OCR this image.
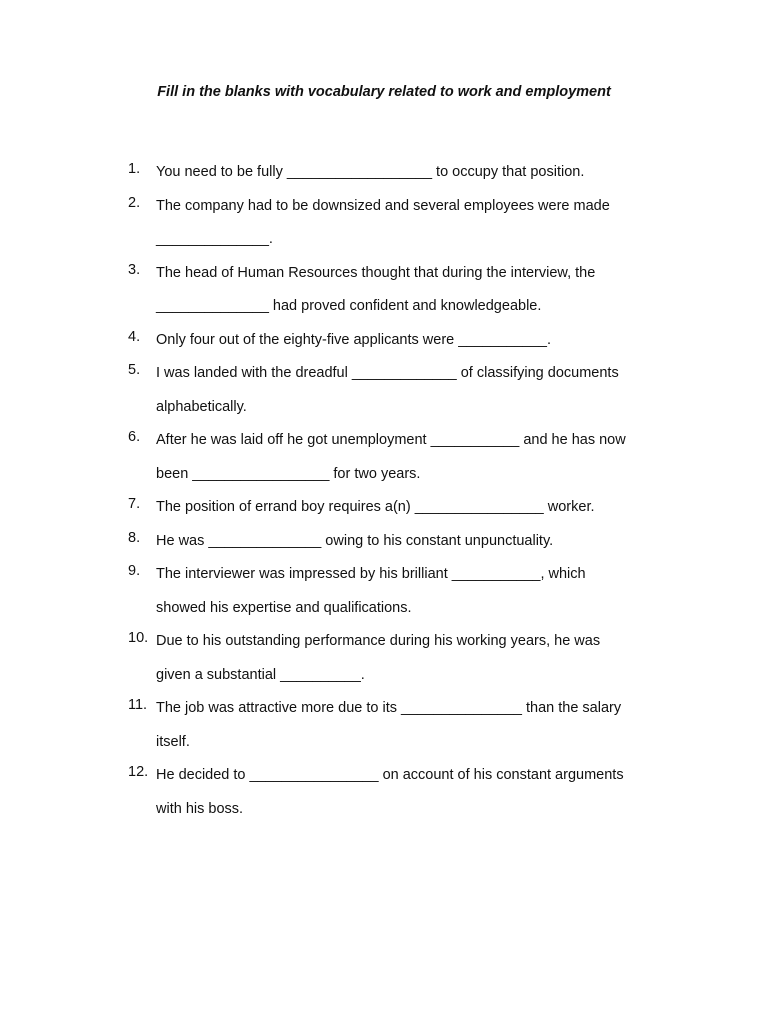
Fill in the blanks with vocabulary related to work and employment
1.	You need to be fully __________________ to occupy that position.
2.	The company had to be downsized and several employees were made
______________.
3.	The head of Human Resources thought that during the interview, the
______________ had proved confident and knowledgeable.
4.	Only four out of the eighty-five applicants were ___________.
5.	I was landed with the dreadful _____________ of classifying documents
alphabetically.
6.	After he was laid off he got unemployment ___________ and he has now
been _________________ for two years.
7.	The position of errand boy requires a(n) ________________ worker.
8.	He was ______________ owing to his constant unpunctuality.
9.	The interviewer was impressed by his brilliant ___________, which
showed his expertise and qualifications.
10. Due to his outstanding performance during his working years, he was
given a substantial __________.
11. The job was attractive more due to its _______________ than the salary
itself.
12. He decided to ________________ on account of his constant arguments
with his boss.
